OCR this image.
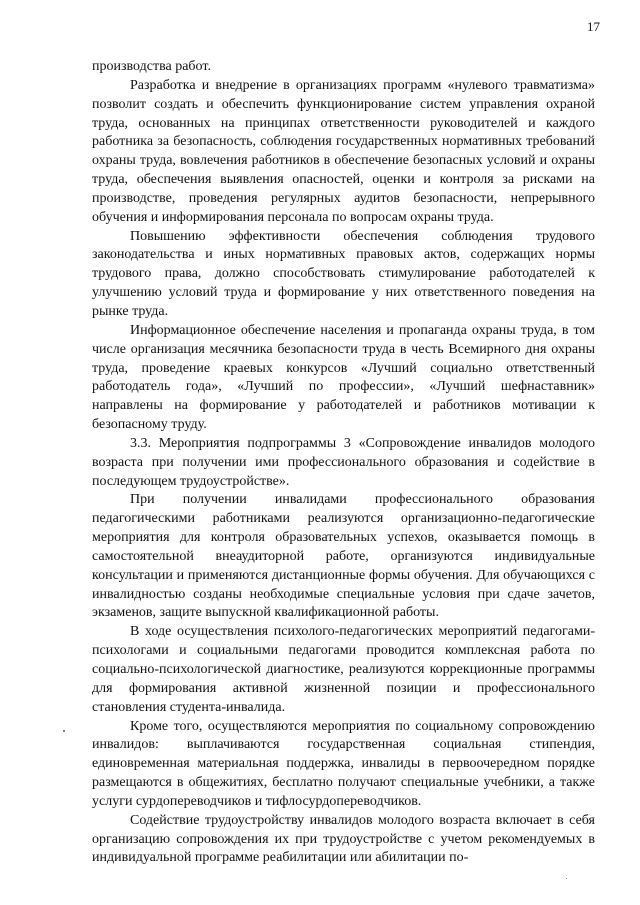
17

производства работ.

Разработка и внедрение в организациях программ «нулевого травматизма» позволит создать и обеспечить функционирование систем управления охраной труда, основанных на принципах ответственности руководителей и каждого работника за безопасность, соблюдения государственных нормативных требований охраны труда, вовлечения работников в обеспечение безопасных условий и охраны труда, обеспечения выявления опасностей, оценки и контроля за рисками на производстве, проведения регулярных аудитов безопасности, непрерывного обучения и информирования персонала по вопросам охраны труда.

Повышению эффективности обеспечения соблюдения трудового законодательства и иных нормативных правовых актов, содержащих нормы трудового права, должно способствовать стимулирование работодателей к улучшению условий труда и формирование у них ответственного поведения на рынке труда.

Информационное обеспечение населения и пропаганда охраны труда, в том числе организация месячника безопасности труда в честь Всемирного дня охраны труда, проведение краевых конкурсов «Лучший социально ответственный работодатель года», «Лучший по профессии», «Лучший шефнаставник» направлены на формирование у работодателей и работников мотивации к безопасному труду.

3.3. Мероприятия подпрограммы 3 «Сопровождение инвалидов молодого возраста при получении ими профессионального образования и содействие в последующем трудоустройстве».

При получении инвалидами профессионального образования педагогическими работниками реализуются организационно-педагогические мероприятия для контроля образовательных успехов, оказывается помощь в самостоятельной внеаудиторной работе, организуются индивидуальные консультации и применяются дистанционные формы обучения. Для обучающихся с инвалидностью созданы необходимые специальные условия при сдаче зачетов, экзаменов, защите выпускной квалификационной работы.

В ходе осуществления психолого-педагогических мероприятий педагогами-психологами и социальными педагогами проводится комплексная работа по социально-психологической диагностике, реализуются коррекционные программы для формирования активной жизненной позиции и профессионального становления студента-инвалида.

Кроме того, осуществляются мероприятия по социальному сопровождению инвалидов: выплачиваются государственная социальная стипендия, единовременная материальная поддержка, инвалиды в первоочередном порядке размещаются в общежитиях, бесплатно получают специальные учебники, а также услуги сурдопереводчиков и тифлосурдопереводчиков.

Содействие трудоустройству инвалидов молодого возраста включает в себя организацию сопровождения их при трудоустройстве с учетом рекомендуемых в индивидуальной программе реабилитации или абилитации по-
